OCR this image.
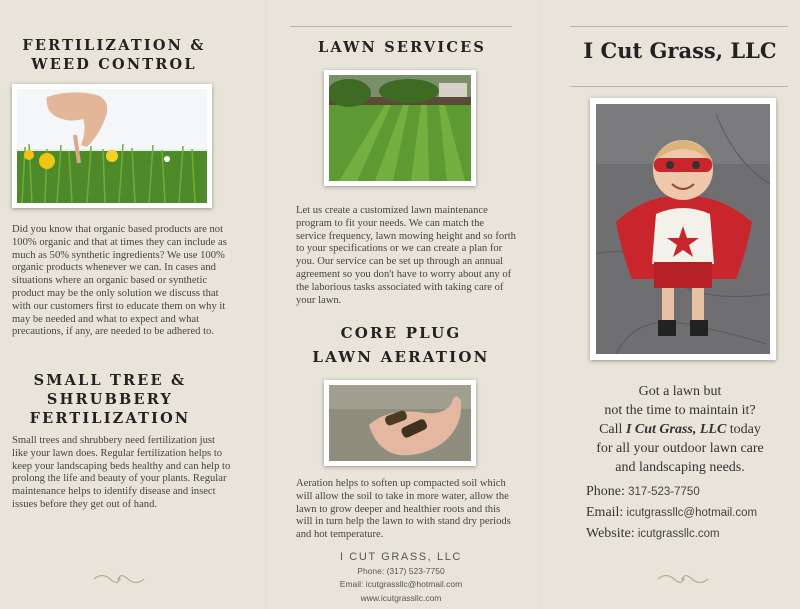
FERTILIZATION &
WEED CONTROL
Did you know that organic based products are not 100% organic and that at times they can include as much as 50% synthetic ingredients? We use 100% organic products whenever we can. In cases and situations where an organic based or synthetic product may be the only solution we discuss that with our customers first to educate them on why it may be needed and what to expect and what precautions, if any, are needed to be adhered to.
SMALL TREE &
SHRUBBERY
FERTILIZATION
Small trees and shrubbery need fertilization just like your lawn does. Regular fertilization helps to keep your landscaping beds healthy and can help to prolong the life and beauty of your plants. Regular maintenance helps to identify disease and insect issues before they get out of hand.
LAWN SERVICES
Let us create a customized lawn maintenance program to fit your needs. We can match the service frequency, lawn mowing height and so forth to your specifications or we can create a plan for you. Our service can be set up through an annual agreement so you don't have to worry about any of the laborious tasks associated with taking care of your lawn.
CORE PLUG
LAWN AERATION
Aeration helps to soften up compacted soil which will allow the soil to take in more water, allow the lawn to grow deeper and healthier roots and this will in turn help the lawn to with stand dry periods and hot temperature.
I CUT GRASS, LLC
Phone: (317) 523-7750
Email: icutgrassllc@hotmail.com
www.icutgrassllc.com
I Cut Grass, LLC
Got a lawn but
not the time to maintain it?
Call I Cut Grass, LLC today
for all your outdoor lawn care
and landscaping needs.
Phone: 317-523-7750
Email: icutgrassllc@hotmail.com
Website: icutgrassllc.com
